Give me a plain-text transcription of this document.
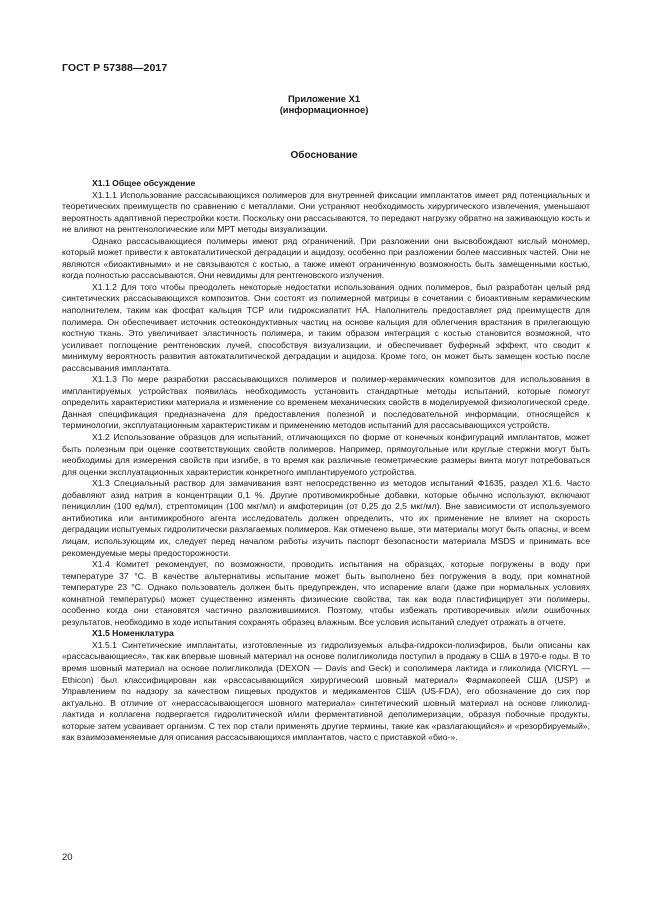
ГОСТ Р 57388—2017
Приложение Х1
(информационное)
Обоснование
Х1.1 Общее обсуждение

Х1.1.1 Использование рассасывающихся полимеров для внутренней фиксации имплантатов имеет ряд потенциальных и теоретических преимуществ по сравнению с металлами. Они устраняют необходимость хирургического извлечения, уменьшают вероятность адаптивной перестройки кости. Поскольку они рассасываются, то передают нагрузку обратно на заживающую кость и не влияют на рентгенологические или МРТ методы визуализации.

Однако рассасывающиеся полимеры имеют ряд ограничений. При разложении они высвобождают кислый мономер, который может привести к автокаталитической деградации и ацидозу, особенно при разложении более массивных частей. Они не являются «биоактивными» и не связываются с костью, а также имеют ограниченную возможность быть замещенными костью, когда полностью рассасываются. Они невидимы для рентгеновского излучения.

Х1.1.2 Для того чтобы преодолеть некоторые недостатки использования одних полимеров, был разработан целый ряд синтетических рассасывающихся композитов. Они состоят из полимерной матрицы в сочетании с биоактивным керамическим наполнителем, таким как фосфат кальция ТСР или гидроксиапатит НА. Наполнитель предоставляет ряд преимуществ для полимера. Он обеспечивает источник остеокондуктивных частиц на основе кальция для облегчения врастания в прилегающую костную ткань. Это увеличивает эластичность полимера, и таким образом интеграция с костью становится возможной, что усиливает поглощение рентгеновских лучей, способствуя визуализации, и обеспечивает буферный эффект, что сводит к минимуму вероятность развития автокаталитической деградации и ацидоза. Кроме того, он может быть замещен костью после рассасывания имплантата.

Х1.1.3 По мере разработки рассасывающихся полимеров и полимер-керамических композитов для использования в имплантируемых устройствах появилась необходимость установить стандартные методы испытаний, которые помогут определить характеристики материала и изменение со временем механических свойств в моделируемой физиологической среде. Данная спецификация предназначена для предоставления полезной и последовательной информации, относящейся к терминологии, эксплуатационным характеристикам и применению методов испытаний для рассасывающихся устройств.

Х1.2 Использование образцов для испытаний, отличающихся по форме от конечных конфигураций имплантатов, может быть полезным при оценке соответствующих свойств полимеров. Например, прямоугольные или круглые стержни могут быть необходимы для измерения свойств при изгибе, в то время как различные геометрические размеры винта могут потребоваться для оценки эксплуатационных характеристик конкретного имплантируемого устройства.

Х1.3 Специальный раствор для замачивания взят непосредственно из методов испытаний Ф1635, раздел Х1.6. Часто добавляют азид натрия в концентрации 0,1 %. Другие противомикробные добавки, которые обычно используют, включают пенициллин (100 ед/мл), стрептомицин (100 мкг/мл) и амфотерицин (от 0,25 до 2,5 мкг/мл). Вне зависимости от используемого антибиотика или антимикробного агента исследователь должен определить, что их применение не влияет на скорость деградации испытуемых гидролитически разлагаемых полимеров. Как отмечено выше, эти материалы могут быть опасны, и всем лицам, использующим их, следует перед началом работы изучить паспорт безопасности материала MSDS и принимать все рекомендуемые меры предосторожности.

Х1.4 Комитет рекомендует, по возможности, проводить испытания на образцах, которые погружены в воду при температуре 37 °С. В качестве альтернативы испытание может быть выполнено без погружения в воду, при комнатной температуре 23 °С. Однако пользователь должен быть предупрежден, что испарение влаги (даже при нормальных условиях комнатной температуры) может существенно изменять физические свойства, так как вода пластифицирует эти полимеры, особенно когда они становятся частично разложившимися. Поэтому, чтобы избежать противоречивых и/или ошибочных результатов, необходимо в ходе испытания сохранять образец влажным. Все условия испытаний следует отражать в отчете.

Х1.5 Номенклатура

Х1.5.1 Синтетические имплантаты, изготовленные из гидролизуемых альфа-гидрокси-полиэфиров, были описаны как «рассасывающиеся», так как впервые шовный материал на основе полигликолида поступил в продажу в США в 1970-е годы. В то время шовный материал на основе полигликолида (DEXON — Davis and Geck) и сополимера лактида и гликолида (VICRYL — Ethicon) был классифицирован как «рассасывающийся хирургический шовный материал» Фармакопеей США (USP) и Управлением по надзору за качеством пищевых продуктов и медикаментов США (US-FDA), его обозначение до сих пор актуально. В отличие от «нерассасывающегося шовного материала» синтетический шовный материал на основе гликолид-лактида и коллагена подвергается гидролитической и/или ферментативной деполимеризации, образуя побочные продукты, которые затем усваивает организм. С тех пор стали применять другие термины, такие как «разлагающийся» и «резорбируемый», как взаимозаменяемые для описания рассасывающихся имплантатов, часто с приставкой «био-».

20
